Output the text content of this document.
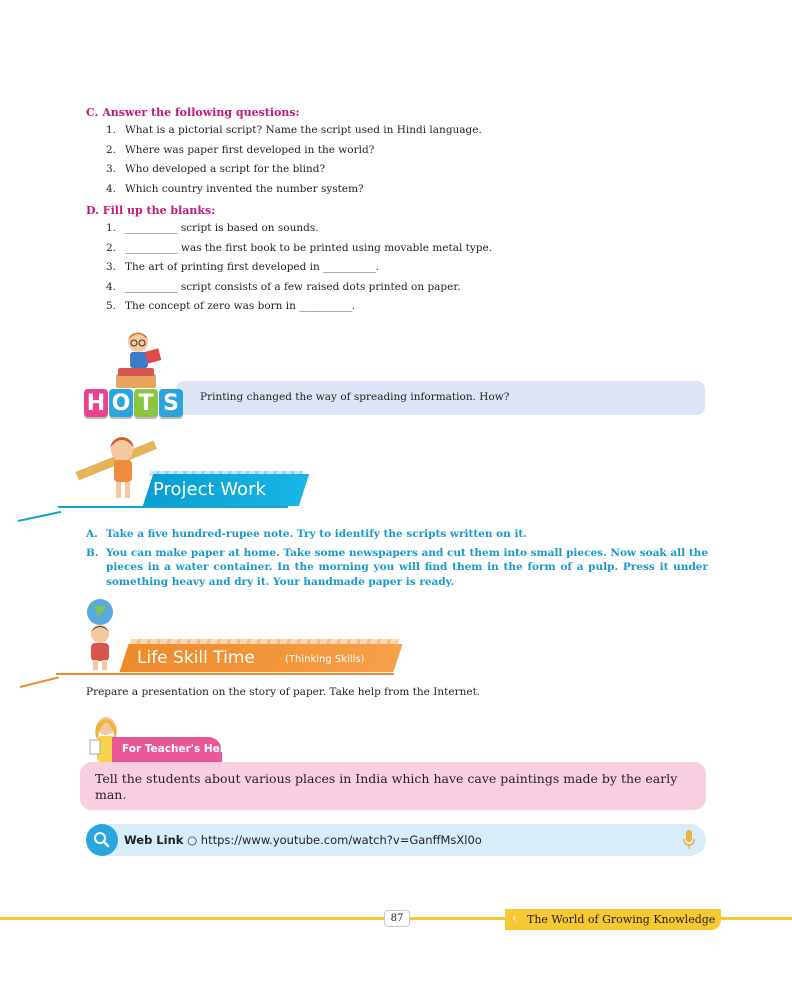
C. Answer the following questions:
1. What is a pictorial script? Name the script used in Hindi language.
2. Where was paper first developed in the world?
3. Who developed a script for the blind?
4. Which country invented the number system?
D. Fill up the blanks:
1. __________ script is based on sounds.
2. __________ was the first book to be printed using movable metal type.
3. The art of printing first developed in __________.
4. __________ script consists of a few raised dots printed on paper.
5. The concept of zero was born in __________.
H O T S	Printing changed the way of spreading information. How?
Project Work
A. Take a five hundred-rupee note. Try to identify the scripts written on it.
B. You can make paper at home. Take some newspapers and cut them into small pieces. Now soak all the pieces in a water container. In the morning you will find them in the form of a pulp. Press it under something heavy and dry it. Your handmade paper is ready.
Life Skill Time	(Thinking Skills)
Prepare a presentation on the story of paper. Take help from the Internet.
For Teacher's Help
Tell the students about various places in India which have cave paintings made by the early man.
Web Link ○ https://www.youtube.com/watch?v=GanffMsXl0o
87	‹ The World of Growing Knowledge
